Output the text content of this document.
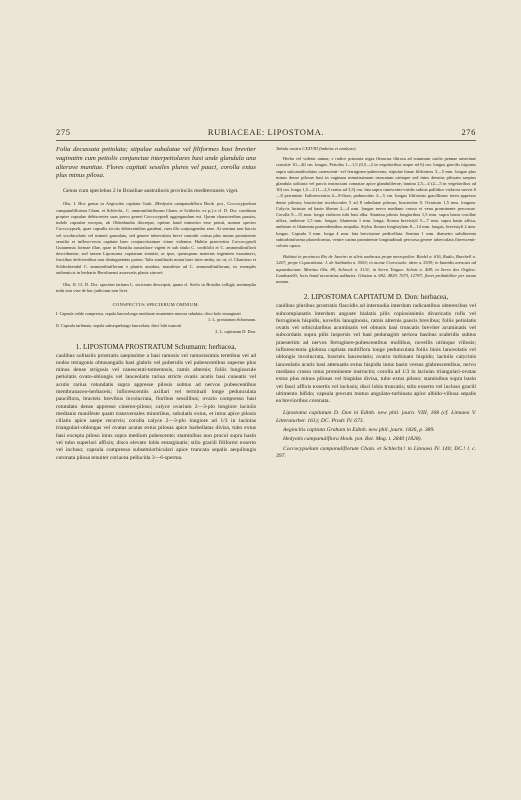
275	RUBIACEAE: LIPOSTOMA.	276

Folia decussata petiolata; stipulae subulatae vel filiformes basi breviter vaginatim cum petiolis conjunctae interpetiolares basi unde glandula una alterave munitae. Flores capitati sessiles plures vel pauci, corolla extus plus minus pilosa.

Genus cum speciebus 2 in Brasiliae australioris provinciis mediterraneis viget.

Obs. I. Hoc genus in Aegiocitis capitata Grah. (Hedyotis campanuliflora Hook. pot., Coccocypselum campanuliflorum Cham. et Schlecht., C. amnomiliniflorum Cham. et Schlecht. ex p.) e cl. D. Dcr. conditum propter capsulae dehiscentes suas parvo generi Coccocypseli aggregandum est. Quum characteribus passim, indole capsulae excepta, ab Oldenlandia discrepat, optime haud immerito esse potuit, numen species Coccocypseli, quae capsulis sicciis dehiscentibus gaudent, cum illo conjungendas esse. At semina non baccis vel scrobiculatis vel minute granulata, sed genere tuberculato brevi contrahi curtua plus minus prominente sessilia et inflexo-recta capitata haec conjunctissimae vitare videntur. Habitu praecertim Coccocypseli Guianensis formae illae, quae in Brasilia australiore vigent et sub titulo C. cordifolii et C. amnomiliniflorii describuntur, sed tamen Lipostoma capitatum simulat, ut ipse, quemquam materias ingentem examinavi, fructibus deficientibus non distinguendas putem. Talis similitudo mutat haec inter ambo, sic ut, cl. Chamisso et Schlechtendal C. amnomiliniflorum e plantis assiduis, manifeste ad C. amnomiliniflorum, ex exemplis authenticis in herbario Berolinensi asservatis planis sincerè.

Obs. II. Cl. D. Dcr. speciem tertiam L. sericeum descripsit, quam cl. Seelo in Brasilia colligit; meimeplia mihi non vise de hac judicium non licet.

CONSPECTUS SPECIERUM OMNIUM.

I. Capsula valde compressa, sepala lanceolongo medianto munientes minora subulata, disci bolo emarginati

1. L. prostratum Schumann.

II. Capsula turbinata, sepala subsequelongo lanceolata, disci lobi truncati

2. L. capitatum D. Don.

1. LIPOSTOMA PROSTRATUM Schumann: herbacea,

caulibus solitariis prostratis saepissime a basi ramosis vel ramosissimis teretibus vel ad nodos tetragonis obtusangulis basi glabris vel puberulis vel pubescentibus superne plus minus dense strigosis vel canescenti-tomentosis, ramis alternis; foliis longiuscule petiolatis ovato-oblongis vel lanceolatis rariua stricte ovatis acutis basi cuneatis vel acutis rariua rotundatis supra appresse pilosis subtus ad nervos pubescentibus membranaceo-herbaceis; inflorescentiis axillari vel terminali longe pedunculata pauciflora, bracteis brevibus involucrata, floribus sessilibus; ovario compresso basi rotundato dense appresse cinereo-piloso; calyce ovarium 2—3-plo longiore laciniis medianis manifeste quam transversales minoribus, subulatis extus, et intus apice pilosis ciliatis apice saepe recurvis; corolla calyce 2—3-plo longiore ad 1/3 in lacinias triangulari-oblongas vel ovatas acutas extus pilosas apice barbellatas divisa, tubo extus basi excepta piloso intus supra medium pubescente; staminibus non procul supra basin vel tubo superiori affixis; disco elevato lobis emarginatis; stilo gracili filiformi exserto vel incluso; capsula compressa subsemiorbiculari apice truncata sepalis aequilongis coronata pilosa tenuiter coriacea pellucida 3—6-sperma.

Tabula nostra CXXVIII (habitus et analysis).

Herba vel videtur annua; e radice primaria nigra flexuosa fibrosa ad summum caulis pennae anserinae crassitie 10—40 cm. longus. Petiolus 1—1,5 (0,5—2 in vegetioribus usque ad 6) cm. longus gracilis trigonus supra subcanaliculatus canescenti- vel ferrugineo-pubescens; stipulae binae filiformes 3—5 mm. longae plus minus dense pilosae basi in vaginam minutissimam truncatam utrinque sed intus densius pilosam saepius glandula solitaria vel parcis instructam connatae apice glanduliferae; lamina 2,5—4 (2—5 in vegetioribus ad 10) cm. longa 1,5—2 (1—2,5 rarius ad 3,5) cm. lata supra canescenti-viridis subtus pallidior violacea nervis 6—8 perraneae. Inflorescentia 4—8-flora; pedunculus 3—5 cm. longus filiformis gracillimus tereu appresse dense pilosus; bracteolae involucrales 5 ad 8 subulatae pilosae, bracteolae 0. Ovarium 1,5 mm. longum. Calycis laciniae ad basin liberae 2—4 mm. longae nervo mediano crasso et vena prominente percursae. Corolla 9—15 mm. longa violacea tubi basi alba. Stamina pilosis longioribus 1,5 mm. supra basin corollae affixa, antherae 1,5 mm. longae, filamenta 1 mm. longa; florum brevistyli 5—7 mm. supra basin affixa, antherae et filamenta praecedentibus aequalia. Stylus florum longistylum 8—14 mm. longus, brevistyli 2 mm. longus. Capsula 3 mm. longa 4 mm. lata brevissime pedicellata. Semina 1 mm. diametro subdituenta subturbiniforma phaseiformta, ventre carina prominente longitudinali percursa genere tuberculata flavescenti-coloris opaca.

Habitat in provincia Rio de Janeiro in silvis umbrosis prope metropolim: Riedel n. 616, Rudio, Burchell n. 1267; prope Copacabana: J. de Saldanha n. 5503; in monte Corcovado: idem n. 5539; in humidis arenosis ad aquaeductum: Martius Obs. 89, Schrock n. 3131; in Serra Tingua: Schott n. 408; in Serra dos Orgãos: Lunduzzelli; locis haud accuratius adductis: Glaziou n. 692, 4829, 7673, 12787; floret probabiliter per totum annum.

2. LIPOSTOMA CAPITATUM D. Don: herbacea,

caulibus pluribus prostratis flaccidis ad internodia interdum radicantibus obterecibus vel subcompianatis interdum anguste bialatis pilis copiosissimis divaricatis rufis vel ferrugineis hispidis, novellis lanuginosis, ramis alternis paucis brevibus; foliis petiolatis ovatis vel orbicularibus acuminatis vel obtusis basi truncatis breviter acuminatis vel subcordatis supra pilis inspersis vel basi pedunagim sericea basibus scabridis subtus praesertim ad nervos ferrugineo-pubescentibus mollibus, novellis utrinque villosis; inflorescentia globosa capitata multiflora longe pedunculata foliis binis lanceolatis vel oblongis involucrata, bracteis lanceolatis; ovario turbinato hispido; laciniis calycinis lanceolatis acutis basi attenuatis extus hispidis intus basin versus glabrescentibus, nervo mediano crasso intus prominente instructis; corolla ad 1/3 in lacinias triangulari-ovatas extus plus minus pilosas vel hispidas divisa, tubo extus piloso; staminibus supra basin vel fauci affixis exsertis vel inclusis; disci lobis truncatis; stilo exserto vel incluso gracili ultimento bifido; capsula precum mutuo angulato-turbinata apice albido-villosa sepalis ea brevioribus coronata.

Lipostoma capitatum D. Don in Edinb. new phil. journ. VIII, 168 (cf. Linnaea V. Litteraturber. 161); DC. Prodr. IV. 673.

Aegincitis capitata Graham in Edinb. new phil. journ. 1826, p. 389.

Hedyotis campanuliflora Hook. pot. Bot. Mag. t. 2840 (1828).

Coccocypselum campanuliflorum Cham. et Schlecht.! in Linnaea IV. 140; DC.! l. c. 397.
